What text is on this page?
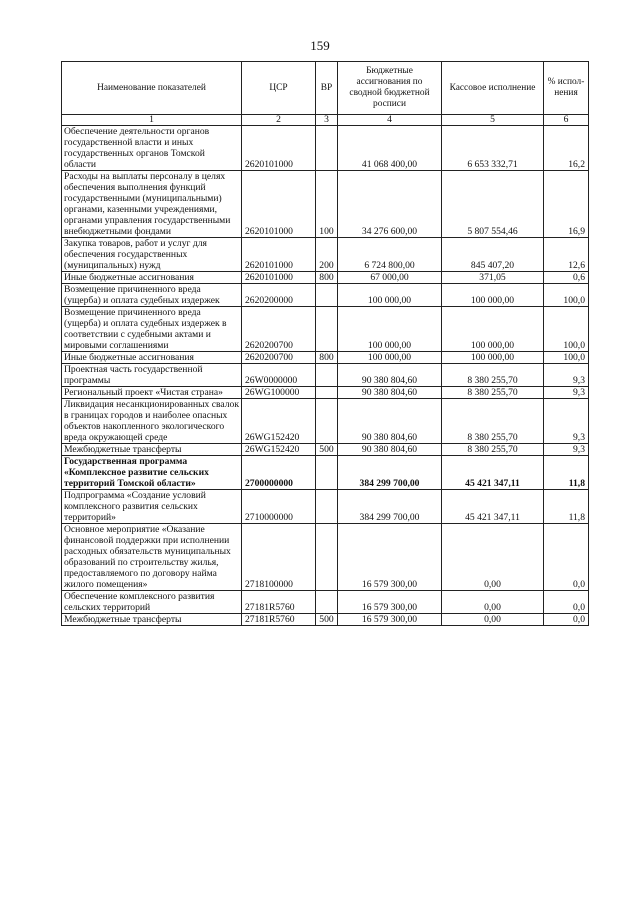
159
Наименование показателей	ЦСР	ВР	Бюджетные ассигнования по сводной бюджетной росписи	Кассовое исполнение	% испол-нения
1	2	3	4	5	6
Обеспечение деятельности органов государственной власти и иных государственных органов Томской области	2620101000		41 068 400,00	6 653 332,71	16,2
Расходы на выплаты персоналу в целях обеспечения выполнения функций государственными (муниципальными) органами, казенными учреждениями, органами управления государственными внебюджетными фондами	2620101000	100	34 276 600,00	5 807 554,46	16,9
Закупка товаров, работ и услуг для обеспечения государственных (муниципальных) нужд	2620101000	200	6 724 800,00	845 407,20	12,6
Иные бюджетные ассигнования	2620101000	800	67 000,00	371,05	0,6
Возмещение причиненного вреда (ущерба) и оплата судебных издержек	2620200000		100 000,00	100 000,00	100,0
Возмещение причиненного вреда (ущерба) и оплата судебных издержек в соответствии с судебными актами и мировыми соглашениями	2620200700		100 000,00	100 000,00	100,0
Иные бюджетные ассигнования	2620200700	800	100 000,00	100 000,00	100,0
Проектная часть государственной программы	26W0000000		90 380 804,60	8 380 255,70	9,3
Региональный проект «Чистая страна»	26WG100000		90 380 804,60	8 380 255,70	9,3
Ликвидация несанкционированных свалок в границах городов и наиболее опасных объектов накопленного экологического вреда окружающей среде	26WG152420		90 380 804,60	8 380 255,70	9,3
Межбюджетные трансферты	26WG152420	500	90 380 804,60	8 380 255,70	9,3
Государственная программа «Комплексное развитие сельских территорий Томской области»	2700000000		384 299 700,00	45 421 347,11	11,8
Подпрограмма «Создание условий комплексного развития сельских территорий»	2710000000		384 299 700,00	45 421 347,11	11,8
Основное мероприятие «Оказание финансовой поддержки при исполнении расходных обязательств муниципальных образований по строительству жилья, предоставляемого по договору найма жилого помещения»	2718100000		16 579 300,00	0,00	0,0
Обеспечение комплексного развития сельских территорий	27181R5760		16 579 300,00	0,00	0,0
Межбюджетные трансферты	27181R5760	500	16 579 300,00	0,00	0,0
